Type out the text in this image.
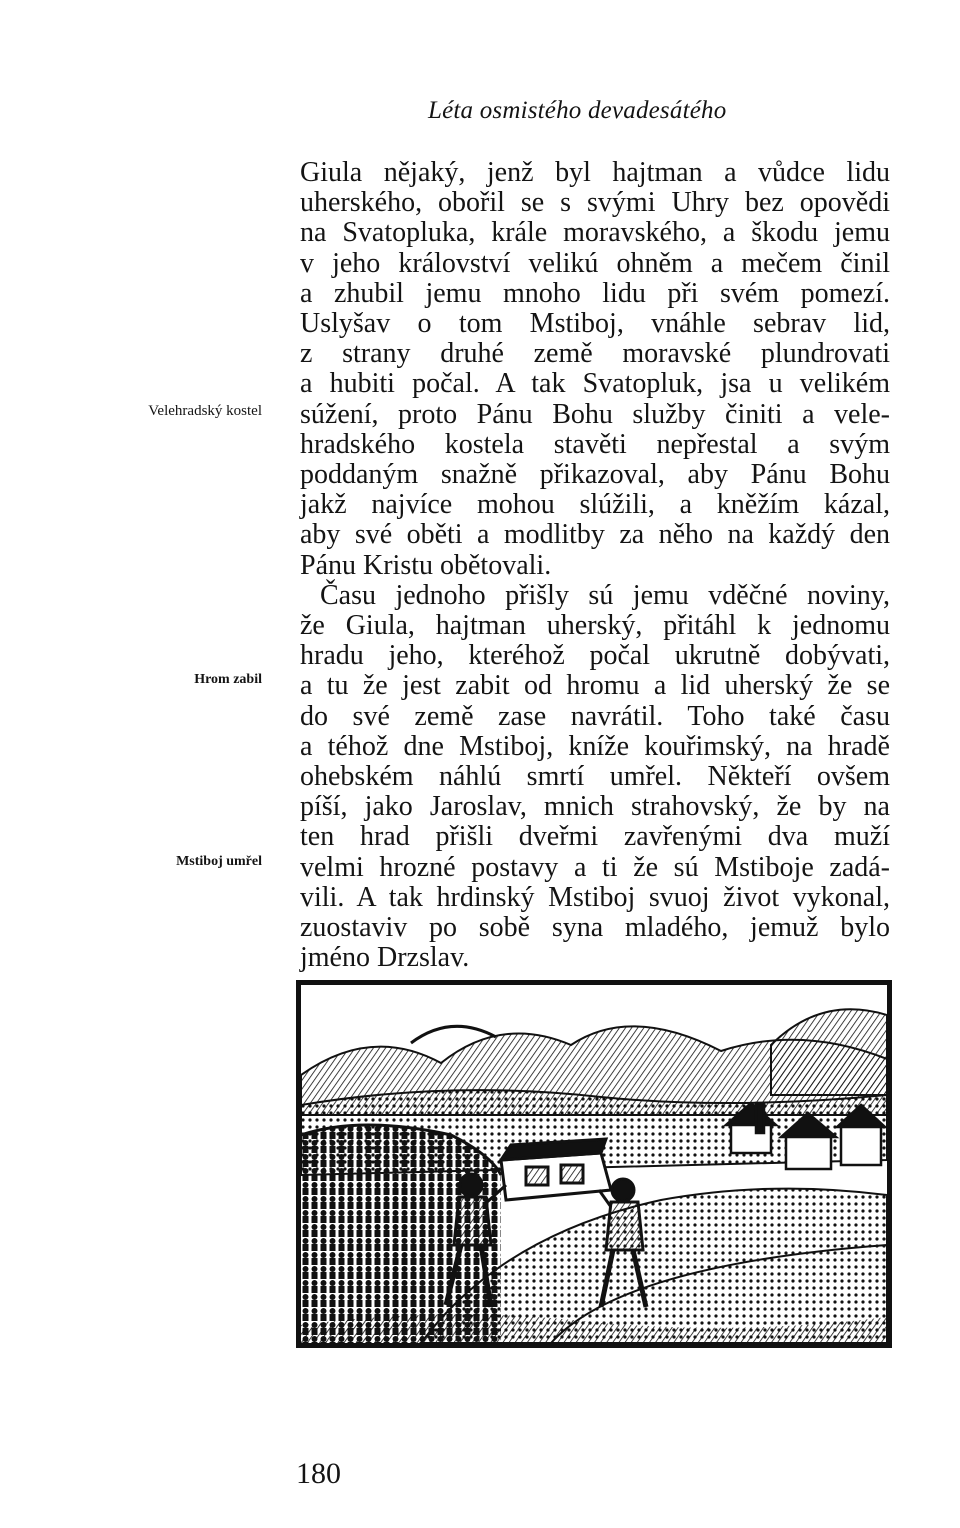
Léta osmistého devadesátého
Velehradský kostel
Hrom zabil
Mstiboj umřel

Giula nějaký, jenž byl hajtman a vůdce lidu
uherského, obořil se s svými Uhry bez opovědi
na Svatopluka, krále moravského, a škodu jemu
v jeho království velikú ohněm a mečem činil
a zhubil jemu mnoho lidu při svém pomezí.
Uslyšav o tom Mstiboj, vnáhle sebrav lid,
z strany druhé země moravské plundrovati
a hubiti počal. A tak Svatopluk, jsa u velikém
súžení, proto Pánu Bohu služby činiti a vele-
hradského kostela stavěti nepřestal a svým
poddaným snažně přikazoval, aby Pánu Bohu
jakž najvíce mohou slúžili, a kněžím kázal,
aby své oběti a modlitby za něho na každý den
Pánu Kristu obětovali.

Času jednoho přišly sú jemu vděčné noviny,
že Giula, hajtman uherský, přitáhl k jednomu
hradu jeho, kteréhož počal ukrutně dobývati,
a tu že jest zabit od hromu a lid uherský že se
do své země zase navrátil. Toho také času
a téhož dne Mstiboj, kníže kouřimský, na hradě
ohebském náhlú smrtí umřel. Někteří ovšem
píší, jako Jaroslav, mnich strahovský, že by na
ten hrad přišli dveřmi zavřenými dva muží
velmi hrozné postavy a ti že sú Mstiboje zadá-
vili. A tak hrdinský Mstiboj svuoj život vykonal,
zuostaviv po sobě syna mladého, jemuž bylo
jméno Drzslav.

180
